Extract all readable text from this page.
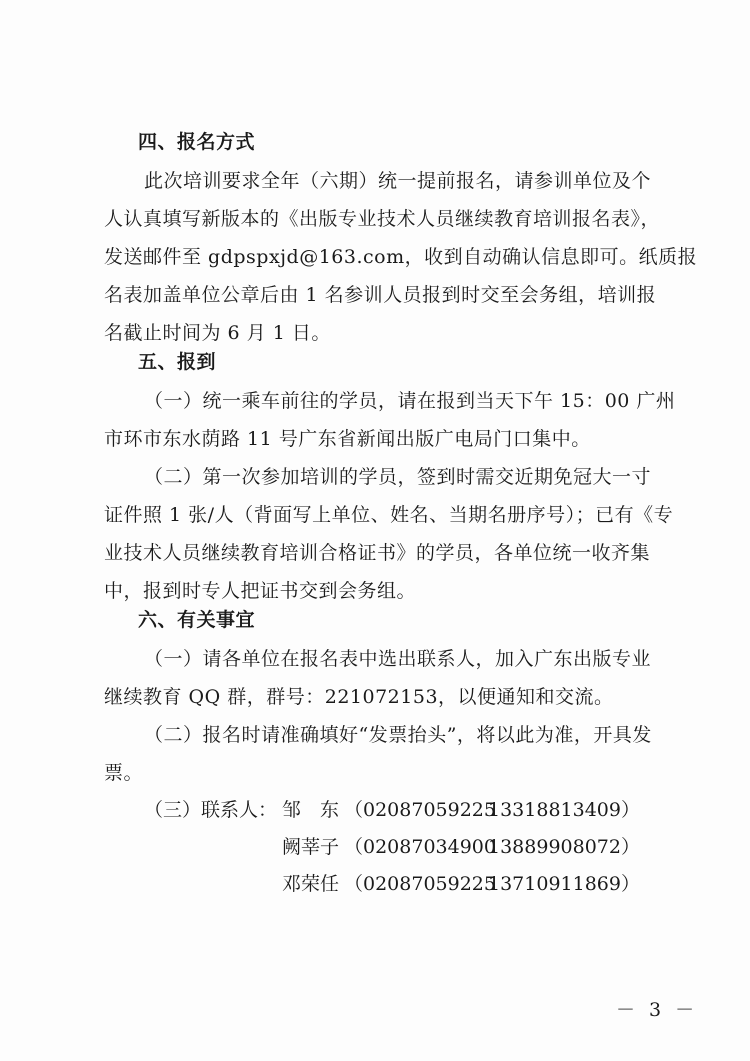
四、报名方式
此次培训要求全年（六期）统一提前报名，请参训单位及个
人认真填写新版本的《出版专业技术人员继续教育培训报名表》，
发送邮件至 gdpspxjd@163.com，收到自动确认信息即可。纸质报
名表加盖单位公章后由 1 名参训人员报到时交至会务组，培训报
名截止时间为 6 月 1 日。
五、报到
（一）统一乘车前往的学员，请在报到当天下午 15：00 广州
市环市东水荫路 11 号广东省新闻出版广电局门口集中。
（二）第一次参加培训的学员，签到时需交近期免冠大一寸
证件照 1 张/人（背面写上单位、姓名、当期名册序号）；已有《专
业技术人员继续教育培训合格证书》的学员，各单位统一收齐集
中，报到时专人把证书交到会务组。
六、有关事宜
（一）请各单位在报名表中选出联系人，加入广东出版专业
继续教育 QQ 群，群号：221072153，以便通知和交流。
（二）报名时请准确填好“发票抬头”，将以此为准，开具发
票。

（三）联系人：

邹　东

（02087059225

13318813409）

阙莘子

（02087034900

13889908072）

邓荣任

（02087059225

13710911869）

－ 3 －
